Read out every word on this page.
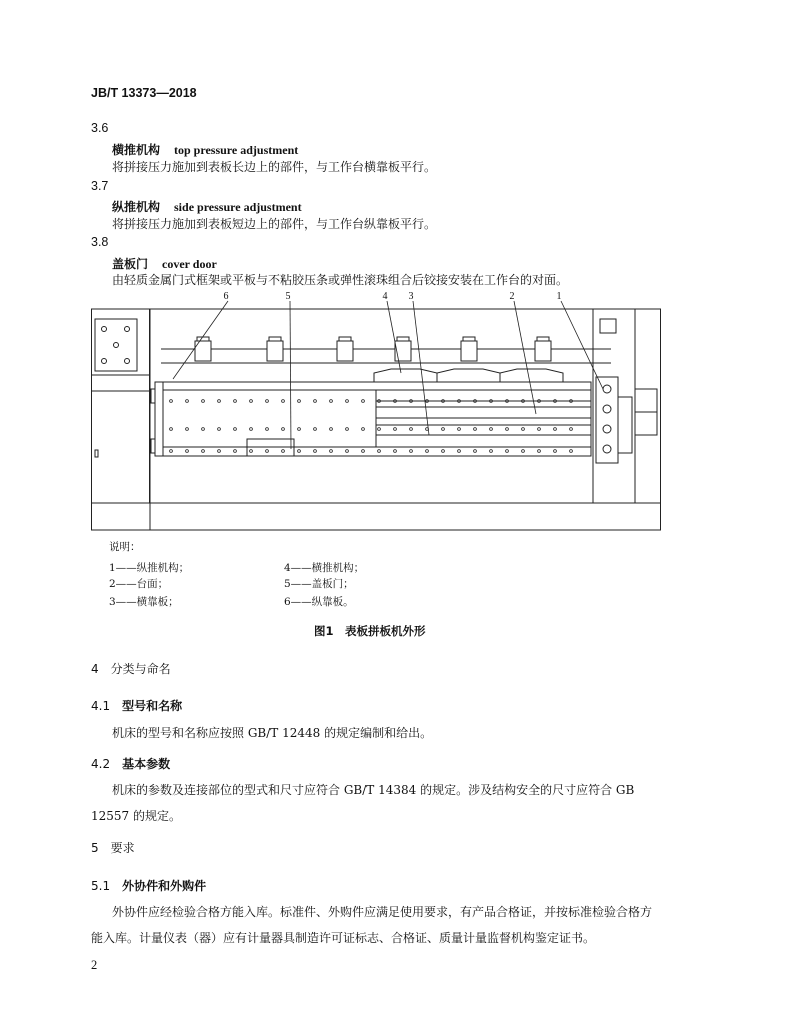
JB/T 13373—2018
3.6
横推机构 top pressure adjustment
将拼接压力施加到表板长边上的部件，与工作台横靠板平行。
3.7
纵推机构 side pressure adjustment
将拼接压力施加到表板短边上的部件，与工作台纵靠板平行。
3.8
盖板门 cover door
由轻质金属门式框架或平板与不粘胶压条或弹性滚珠组合后铰接安装在工作台的对面。
6	5	4 3	2	1
说明：
1——纵推机构；	4——横推机构；
2——台面；	5——盖板门；
3——横靠板；	6——纵靠板。
图1　表板拼板机外形
4　 分类与命名
4.1　 型号和名称
机床的型号和名称应按照 GB/T 12448 的规定编制和给出。
4.2　 基本参数
机床的参数及连接部位的型式和尺寸应符合 GB/T 14384 的规定。涉及结构安全的尺寸应符合 GB 12557 的规定。
5　 要求
5.1　 外协件和外购件
外协件应经检验合格方能入库。标准件、外购件应满足使用要求，有产品合格证，并按标准检验合格方能入库。计量仪表（器）应有计量器具制造许可证标志、合格证、质量计量监督机构鉴定证书。
2
